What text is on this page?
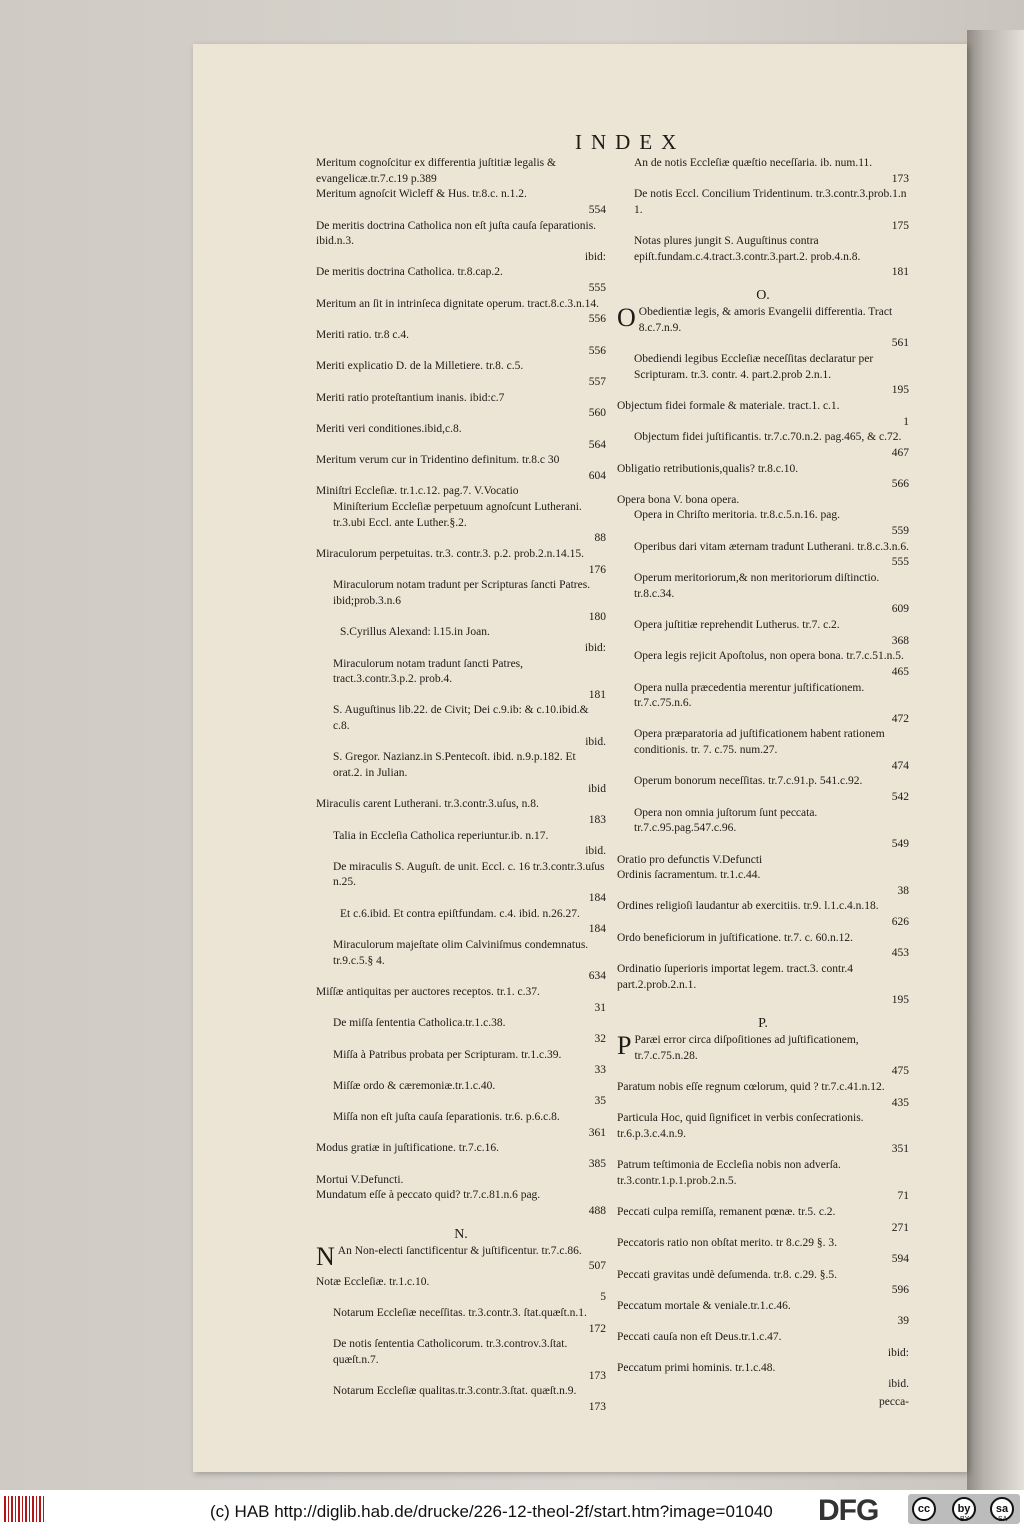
INDEX
Meritum cognoſcitur ex differentia juſtitiæ legalis & evangelicæ.tr.7.c.19 p.389
Meritum agnoſcit Wicleff & Hus. tr.8.c. n.1.2.
554
De meritis doctrina Catholica non eſt juſta cauſa ſeparationis. ibid.n.3.
ibid:
De meritis doctrina Catholica. tr.8.cap.2.
555
Meritum an ſit in intrinſeca dignitate operum. tract.8.c.3.n.14.
556
Meriti ratio. tr.8 c.4.
556
Meriti explicatio D. de la Milletiere. tr.8. c.5.
557
Meriti ratio proteſtantium inanis. ibid:c.7
560
Meriti veri conditiones.ibid,c.8.
564
Meritum verum cur in Tridentino definitum. tr.8.c 30
604
Miniſtri Eccleſiæ. tr.1.c.12. pag.7. V.Vocatio
Miniſterium Eccleſiæ perpetuum agnoſcunt Lutherani. tr.3.ubi Eccl. ante Luther.§.2.
88
Miraculorum perpetuitas. tr.3. contr.3. p.2. prob.2.n.14.15.
176
Miraculorum notam tradunt per Scripturas ſancti Patres. ibid;prob.3.n.6
180
S.Cyrillus Alexand: l.15.in Joan.
ibid:
Miraculorum notam tradunt ſancti Patres, tract.3.contr.3.p.2. prob.4.
181
S. Auguſtinus lib.22. de Civit; Dei c.9.ib: & c.10.ibid.& c.8.
ibid.
S. Gregor. Nazianz.in S.Pentecoſt. ibid. n.9.p.182. Et orat.2. in Julian.
ibid
Miraculis carent Lutherani. tr.3.contr.3.uſus, n.8.
183
Talia in Eccleſia Catholica reperiuntur.ib. n.17.
ibid.
De miraculis S. Auguſt. de unit. Eccl. c. 16 tr.3.contr.3.uſus n.25.
184
Et c.6.ibid. Et contra epiſtfundam. c.4. ibid. n.26.27.
184
Miraculorum majeſtate olim Calviniſmus condemnatus. tr.9.c.5.§ 4.
634
Miſſæ antiquitas per auctores receptos. tr.1. c.37.
31
De miſſa ſententia Catholica.tr.1.c.38.
32
Miſſa à Patribus probata per Scripturam. tr.1.c.39.
33
Miſſæ ordo & cæremoniæ.tr.1.c.40.
35
Miſſa non eſt juſta cauſa ſeparationis. tr.6. p.6.c.8.
361
Modus gratiæ in juſtificatione. tr.7.c.16.
385
Mortui V.Defuncti.
Mundatum eſſe à peccato quid? tr.7.c.81.n.6 pag.
488
N.
N An Non-electi ſanctificentur & juſtificentur. tr.7.c.86.
507
Notæ Eccleſiæ. tr.1.c.10.
5
Notarum Eccleſiæ neceſſitas. tr.3.contr.3. ſtat.quæſt.n.1.
172
De notis ſententia Catholicorum. tr.3.controv.3.ſtat. quæſt.n.7.
173
Notarum Eccleſiæ qualitas.tr.3.contr.3.ſtat. quæſt.n.9.
173
An de notis Eccleſiæ quæſtio neceſſaria. ib. num.11.
173
De notis Eccl. Concilium Tridentinum. tr.3.contr.3.prob.1.n 1.
175
Notas plures jungit S. Auguſtinus contra epiſt.fundam.c.4.tract.3.contr.3.part.2. prob.4.n.8.
181
O.
O Obedientiæ legis, & amoris Evangelii differentia. Tract 8.c.7.n.9.
561
Obediendi legibus Eccleſiæ neceſſitas declaratur per Scripturam. tr.3. contr. 4. part.2.prob 2.n.1.
195
Objectum fidei formale & materiale. tract.1. c.1.
1
Objectum fidei juſtificantis. tr.7.c.70.n.2. pag.465, & c.72.
467
Obligatio retributionis,qualis? tr.8.c.10.
566
Opera bona V. bona opera.
Opera in Chriſto meritoria. tr.8.c.5.n.16. pag.
559
Operibus dari vitam æternam tradunt Lutherani. tr.8.c.3.n.6.
555
Operum meritoriorum,& non meritoriorum diſtinctio. tr.8.c.34.
609
Opera juſtitiæ reprehendit Lutherus. tr.7. c.2.
368
Opera legis rejicit Apoſtolus, non opera bona. tr.7.c.51.n.5.
465
Opera nulla præcedentia merentur juſtificationem. tr.7.c.75.n.6.
472
Opera præparatoria ad juſtificationem habent rationem conditionis. tr. 7. c.75. num.27.
474
Operum bonorum neceſſitas. tr.7.c.91.p. 541.c.92.
542
Opera non omnia juſtorum ſunt peccata. tr.7.c.95.pag.547.c.96.
549
Oratio pro defunctis V.Defuncti
Ordinis ſacramentum. tr.1.c.44.
38
Ordines religioſi laudantur ab exercitiis. tr.9. l.1.c.4.n.18.
626
Ordo beneficiorum in juſtificatione. tr.7. c. 60.n.12.
453
Ordinatio ſuperioris importat legem. tract.3. contr.4 part.2.prob.2.n.1.
195
P.
P Paræi error circa diſpoſitiones ad juſtificationem, tr.7.c.75.n.28.
475
Paratum nobis eſſe regnum cœlorum, quid ? tr.7.c.41.n.12.
435
Particula Hoc, quid ſignificet in verbis conſecrationis. tr.6.p.3.c.4.n.9.
351
Patrum teſtimonia de Eccleſia nobis non adverſa. tr.3.contr.1.p.1.prob.2.n.5.
71
Peccati culpa remiſſa, remanent pœnæ. tr.5. c.2.
271
Peccatoris ratio non obſtat merito. tr 8.c.29 §. 3.
594
Peccati gravitas undè deſumenda. tr.8. c.29. §.5.
596
Peccatum mortale & veniale.tr.1.c.46.
39
Peccati cauſa non eſt Deus.tr.1.c.47.
ibid:
Peccatum primi hominis. tr.1.c.48.
ibid.
pecca-
(c) HAB http://diglib.hab.de/drucke/226-12-theol-2f/start.htm?image=01040 DFG	cc	by	sa
BY	SA
